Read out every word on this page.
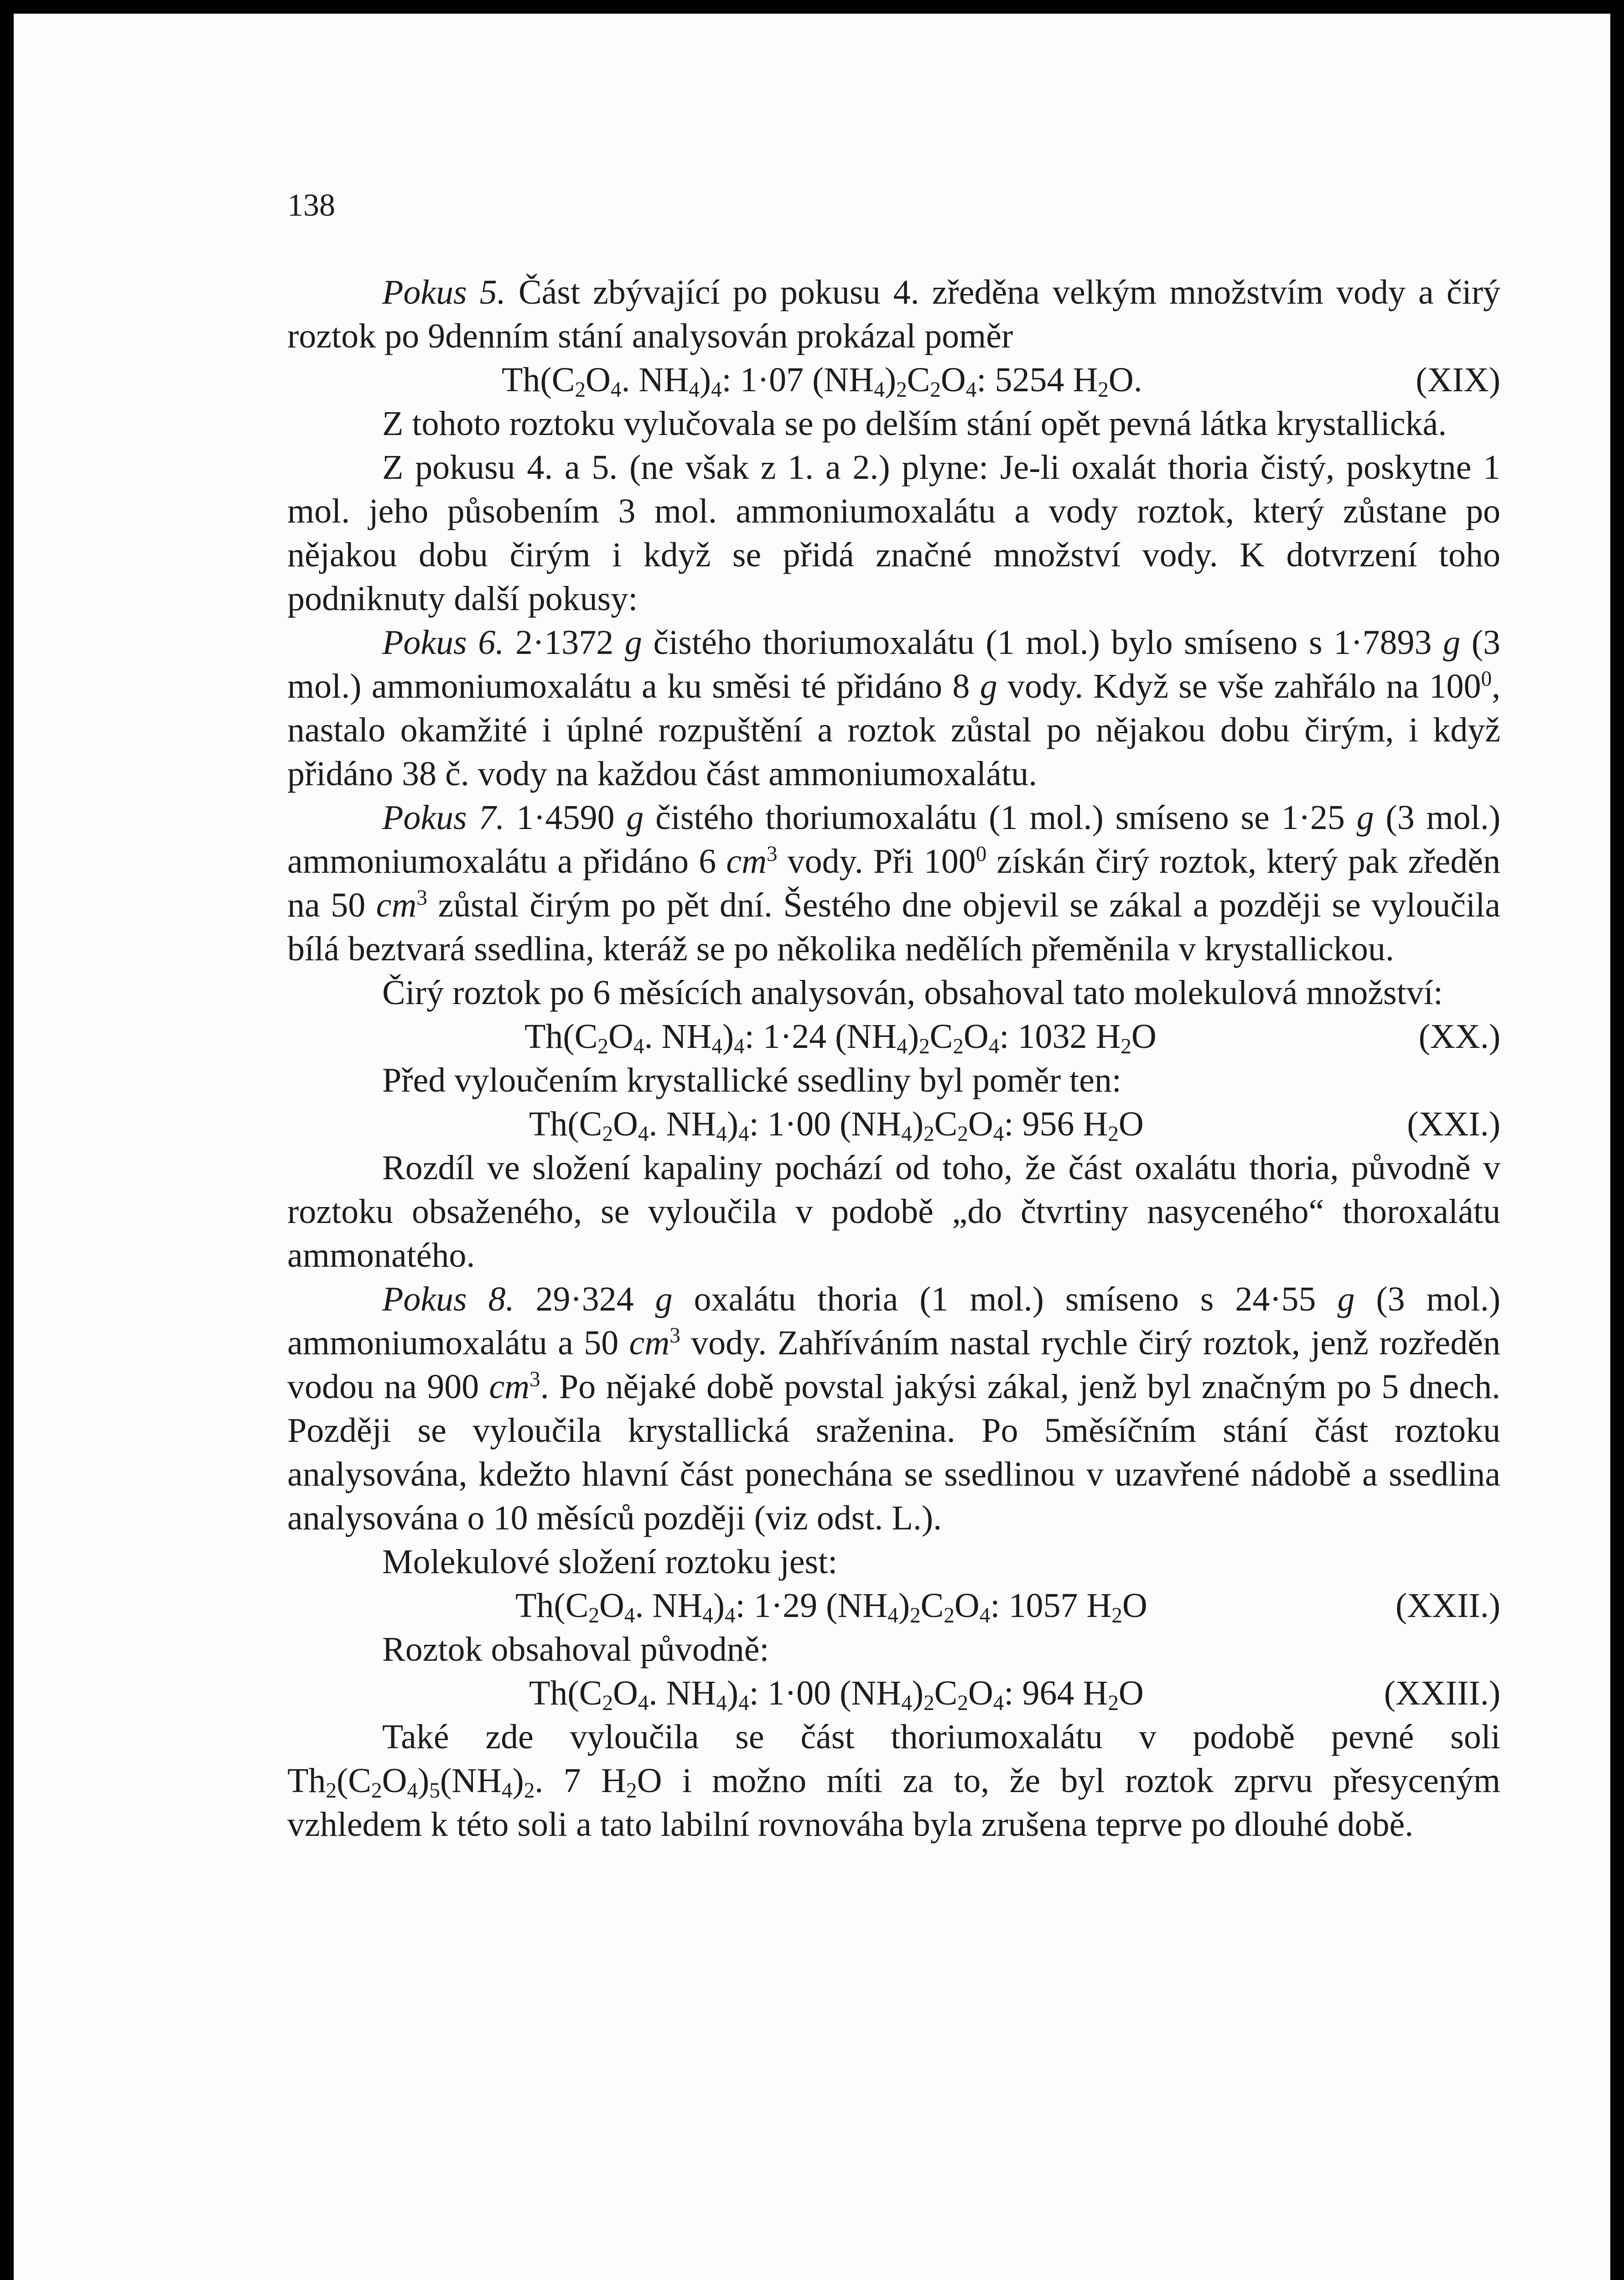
138

Pokus 5. Část zbývající po pokusu 4. zředěna velkým množstvím vody a čirý roztok po 9denním stání analysován prokázal poměr

$Th(C_2O_4$. $NH_4)_4$: 1·07 $(NH_4)_2C_2O_4$: 5254 $H_2O$.	(XIX)

Z tohoto roztoku vylučovala se po delším stání opět pevná látka krystallická.

Z pokusu 4. a 5. (ne však z 1. a 2.) plyne: Je-li oxalát thoria čistý, poskytne 1 mol. jeho působením 3 mol. ammoniumoxalátu a vody roztok, který zůstane po nějakou dobu čirým i když se přidá značné množství vody. K dotvrzení toho podniknuty další pokusy:

Pokus 6. 2·1372 g čistého thoriumoxalátu (1 mol.) bylo smíseno s 1·7893 g (3 mol.) ammoniumoxalátu a ku směsi té přidáno 8 g vody. Když se vše zahřálo na $100^0$, nastalo okamžité i úplné rozpuštění a roztok zůstal po nějakou dobu čirým, i když přidáno 38 č. vody na každou část ammoniumoxalátu.

Pokus 7. 1·4590 g čistého thoriumoxalátu (1 mol.) smíseno se 1·25 g (3 mol.) ammoniumoxalátu a přidáno 6 $cm^3$ vody. Při $100^0$ získán čirý roztok, který pak zředěn na 50 $cm^3$ zůstal čirým po pět dní. Šestého dne objevil se zákal a později se vyloučila bílá beztvará ssedlina, kteráž se po několika nedělích přeměnila v krystallickou.

Čirý roztok po 6 měsících analysován, obsahoval tato molekulová množství:

$Th(C_2O_4$. $NH_4)_4$: 1·24 $(NH_4)_2C_2O_4$: 1032 $H_2O$	(XX.)

Před vyloučením krystallické ssedliny byl poměr ten:

$Th(C_2O_4$. $NH_4)_4$: 1·00 $(NH_4)_2C_2O_4$: 956 $H_2O$	(XXI.)

Rozdíl ve složení kapaliny pochází od toho, že část oxalátu thoria, původně v roztoku obsaženého, se vyloučila v podobě „do čtvrtiny nasyceného“ thoroxalátu ammonatého.

Pokus 8. 29·324 g oxalátu thoria (1 mol.) smíseno s 24·55 g (3 mol.) ammoniumoxalátu a 50 $cm^3$ vody. Zahříváním nastal rychle čirý roztok, jenž rozředěn vodou na 900 $cm^3$. Po nějaké době povstal jakýsi zákal, jenž byl značným po 5 dnech. Později se vyloučila krystallická sraženina. Po 5měsíčním stání část roztoku analysována, kdežto hlavní část ponechána se ssedlinou v uzavřené nádobě a ssedlina analysována o 10 měsíců později (viz odst. L.).

Molekulové složení roztoku jest:

$Th(C_2O_4$. $NH_4)_4$: 1·29 $(NH_4)_2C_2O_4$: 1057 $H_2O$	(XXII.)

Roztok obsahoval původně:

$Th(C_2O_4$. $NH_4)_4$: 1·00 $(NH_4)_2C_2O_4$: 964 $H_2O$	(XXIII.)

Také zde vyloučila se část thoriumoxalátu v podobě pevné soli $Th_2(C_2O_4)_5(NH_4)_2$. 7 $H_2O$ i možno míti za to, že byl roztok zprvu přesyceným vzhledem k této soli a tato labilní rovnováha byla zrušena teprve po dlouhé době.
